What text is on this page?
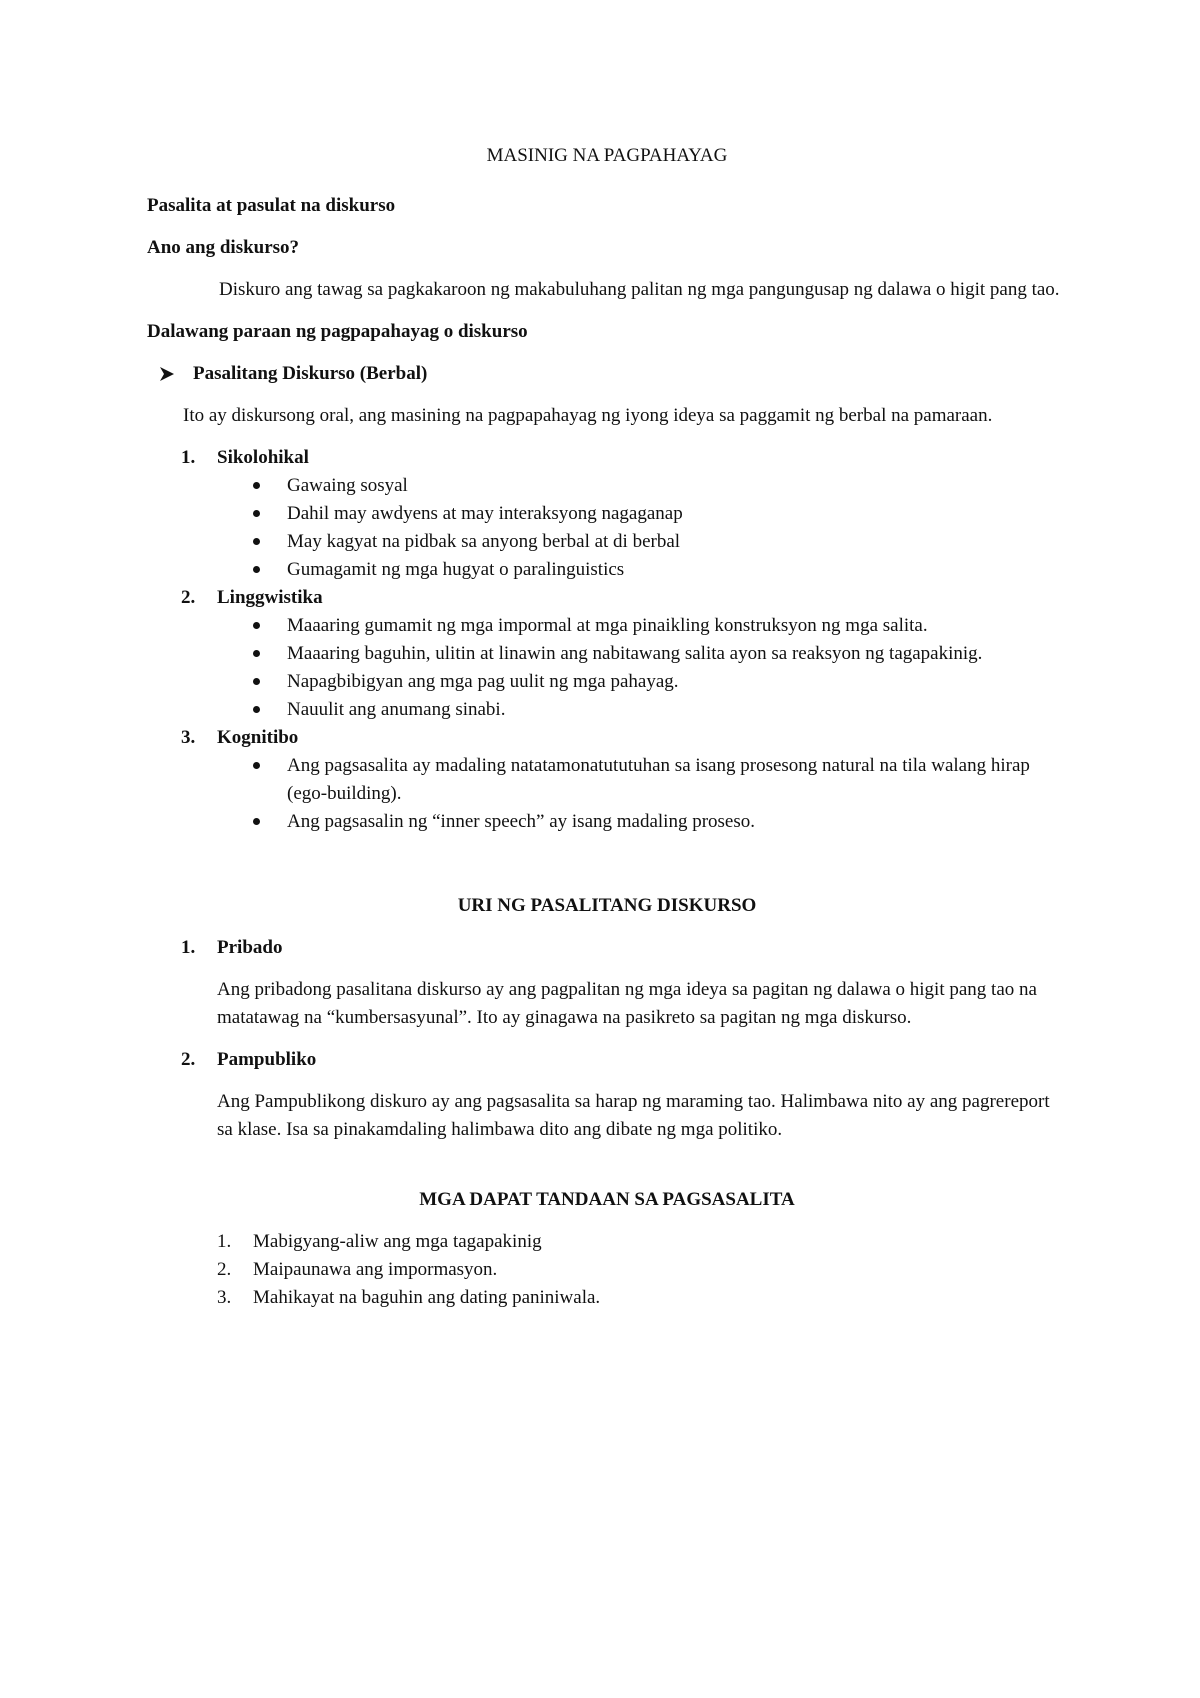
MASINIG NA PAGPAHAYAG

Pasalita at pasulat na diskurso

Ano ang diskurso?

Diskuro ang tawag sa pagkakaroon ng makabuluhang palitan ng mga pangungusap ng dalawa o higit pang tao.

Dalawang paraan ng pagpapahayag o diskurso

Pasalitang Diskurso (Berbal)

Ito ay diskursong oral, ang masining na pagpapahayag ng iyong ideya sa paggamit ng berbal na pamaraan.

1.	Sikolohikal
Gawaing sosyal
Dahil may awdyens at may interaksyong nagaganap
May kagyat na pidbak sa anyong berbal at di berbal
Gumagamit ng mga hugyat o paralinguistics
2.	Linggwistika
Maaaring gumamit ng mga impormal at mga pinaikling konstruksyon ng mga salita.
Maaaring baguhin, ulitin at linawin ang nabitawang salita ayon sa reaksyon ng tagapakinig.
Napagbibigyan ang mga pag uulit ng mga pahayag.
Nauulit ang anumang sinabi.
3.	Kognitibo
Ang pagsasalita ay madaling natatamonatututuhan sa isang prosesong natural na tila walang hirap (ego-building).
Ang pagsasalin ng “inner speech” ay isang madaling proseso.
URI NG PASALITANG DISKURSO
1.	Pribado

Ang pribadong pasalitana diskurso ay ang pagpalitan ng mga ideya sa pagitan ng dalawa o higit pang tao na matatawag na “kumbersasyunal”. Ito ay ginagawa na pasikreto sa pagitan ng mga diskurso.

2.	Pampubliko

Ang Pampublikong diskuro ay ang pagsasalita sa harap ng maraming tao. Halimbawa nito ay ang pagrereport sa klase. Isa sa pinakamdaling halimbawa dito ang dibate ng mga politiko.

MGA DAPAT TANDAAN SA PAGSASALITA
1.	Mabigyang-aliw ang mga tagapakinig
2.	Maipaunawa ang impormasyon.
3.	Mahikayat na baguhin ang dating paniniwala.
